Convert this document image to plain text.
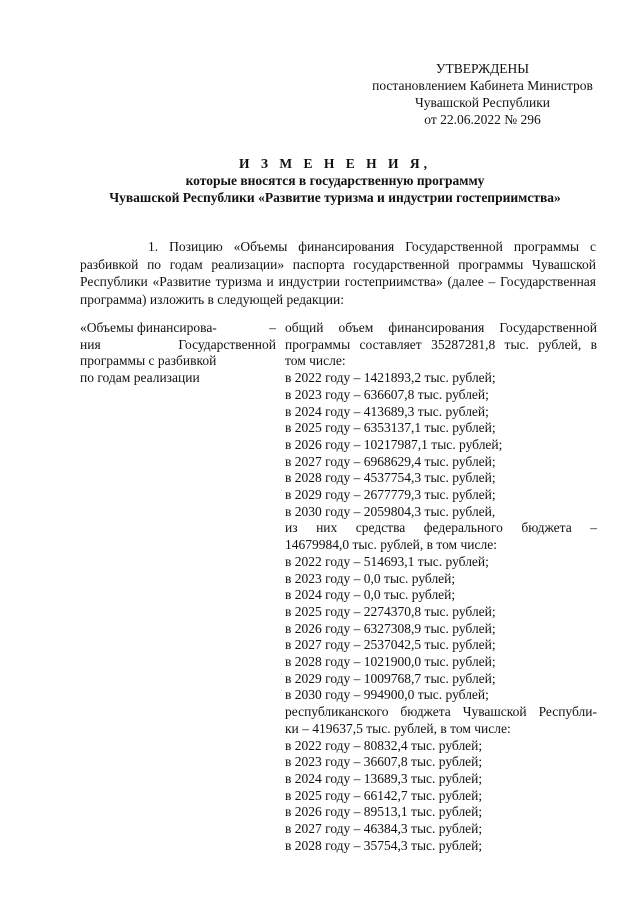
УТВЕРЖДЕНЫ
постановлением Кабинета Министров
Чувашской Республики
от 22.06.2022 № 296
И З М Е Н Е Н И Я,
которые вносятся в государственную программу
Чувашской Республики «Развитие туризма и индустрии гостеприимства»
1. Позицию «Объемы финансирования Государственной программы с разбивкой по годам реализации» паспорта государственной программы Чувашской Республики «Развитие туризма и индустрии гостеприимства» (далее – Государственная программа) изложить в следующей редакции:
«Объемы финансирова-	–
ния	Государственной
программы с разбивкой
по годам реализации
общий объем финансирования Государственной
программы составляет 35287281,8 тыс. рублей, в
том числе:
в 2022 году – 1421893,2 тыс. рублей;
в 2023 году – 636607,8 тыс. рублей;
в 2024 году – 413689,3 тыс. рублей;
в 2025 году – 6353137,1 тыс. рублей;
в 2026 году – 10217987,1 тыс. рублей;
в 2027 году – 6968629,4 тыс. рублей;
в 2028 году – 4537754,3 тыс. рублей;
в 2029 году – 2677779,3 тыс. рублей;
в 2030 году – 2059804,3 тыс. рублей,
из них средства федерального бюджета –
14679984,0 тыс. рублей, в том числе:
в 2022 году – 514693,1 тыс. рублей;
в 2023 году – 0,0 тыс. рублей;
в 2024 году – 0,0 тыс. рублей;
в 2025 году – 2274370,8 тыс. рублей;
в 2026 году – 6327308,9 тыс. рублей;
в 2027 году – 2537042,5 тыс. рублей;
в 2028 году – 1021900,0 тыс. рублей;
в 2029 году – 1009768,7 тыс. рублей;
в 2030 году – 994900,0 тыс. рублей;
республиканского бюджета Чувашской Республи-
ки – 419637,5 тыс. рублей, в том числе:
в 2022 году – 80832,4 тыс. рублей;
в 2023 году – 36607,8 тыс. рублей;
в 2024 году – 13689,3 тыс. рублей;
в 2025 году – 66142,7 тыс. рублей;
в 2026 году – 89513,1 тыс. рублей;
в 2027 году – 46384,3 тыс. рублей;
в 2028 году – 35754,3 тыс. рублей;
